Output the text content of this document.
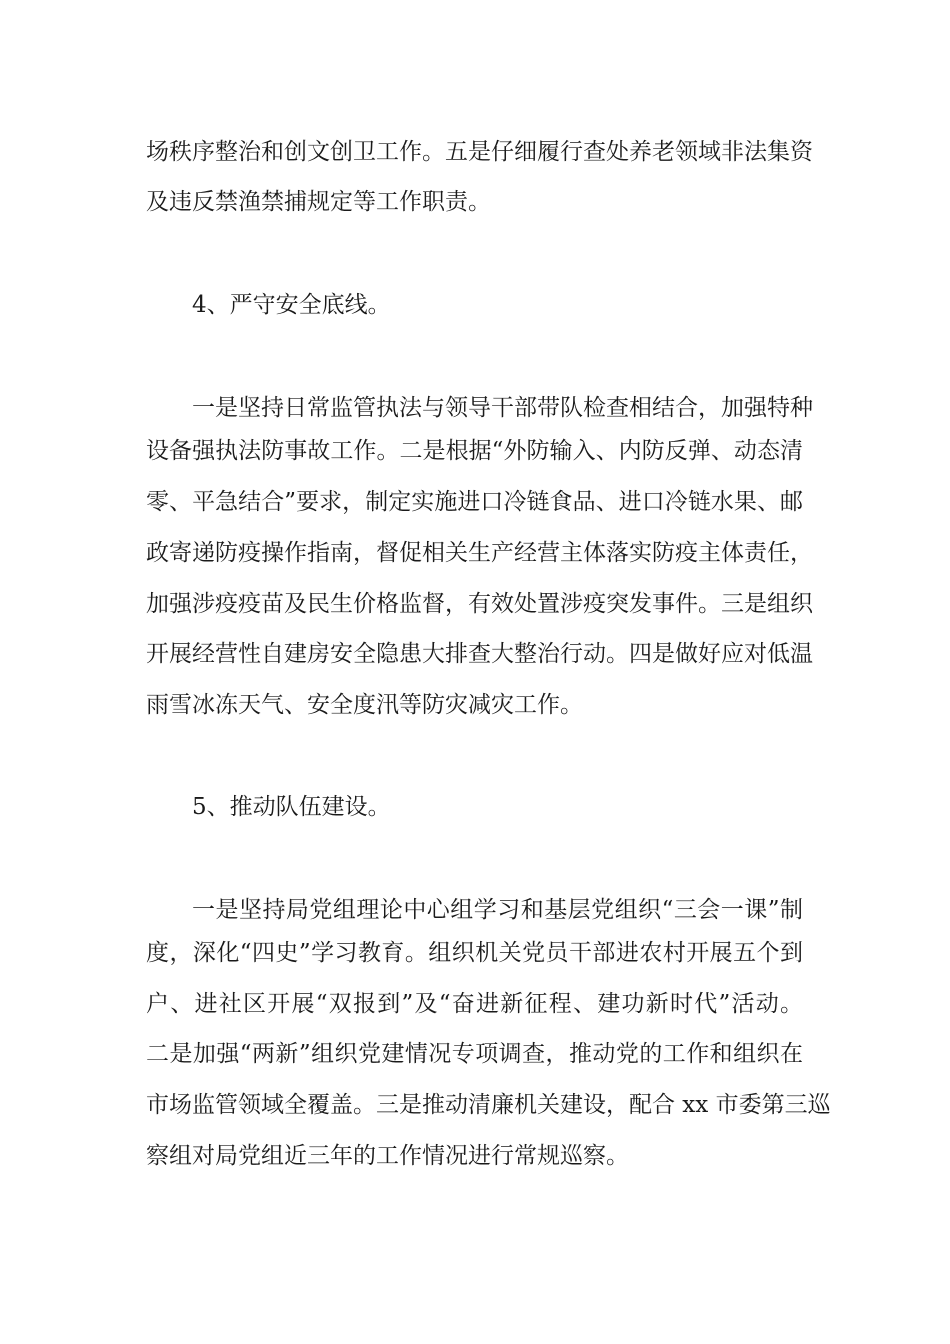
场秩序整治和创文创卫工作。五是仔细履行查处养老领域非法集资
及违反禁渔禁捕规定等工作职责。
4、严守安全底线。
一是坚持日常监管执法与领导干部带队检查相结合，加强特种
设备强执法防事故工作。二是根据“外防输入、内防反弹、动态清
零、平急结合”要求，制定实施进口冷链食品、进口冷链水果、邮
政寄递防疫操作指南，督促相关生产经营主体落实防疫主体责任，
加强涉疫疫苗及民生价格监督，有效处置涉疫突发事件。三是组织
开展经营性自建房安全隐患大排查大整治行动。四是做好应对低温
雨雪冰冻天气、安全度汛等防灾减灾工作。
5、推动队伍建设。
一是坚持局党组理论中心组学习和基层党组织“三会一课”制
度，深化“四史”学习教育。组织机关党员干部进农村开展五个到
户、进社区开展“双报到”及“奋进新征程、建功新时代”活动。
二是加强“两新”组织党建情况专项调查，推动党的工作和组织在
市场监管领域全覆盖。三是推动清廉机关建设，配合 xx 市委第三巡
察组对局党组近三年的工作情况进行常规巡察。
